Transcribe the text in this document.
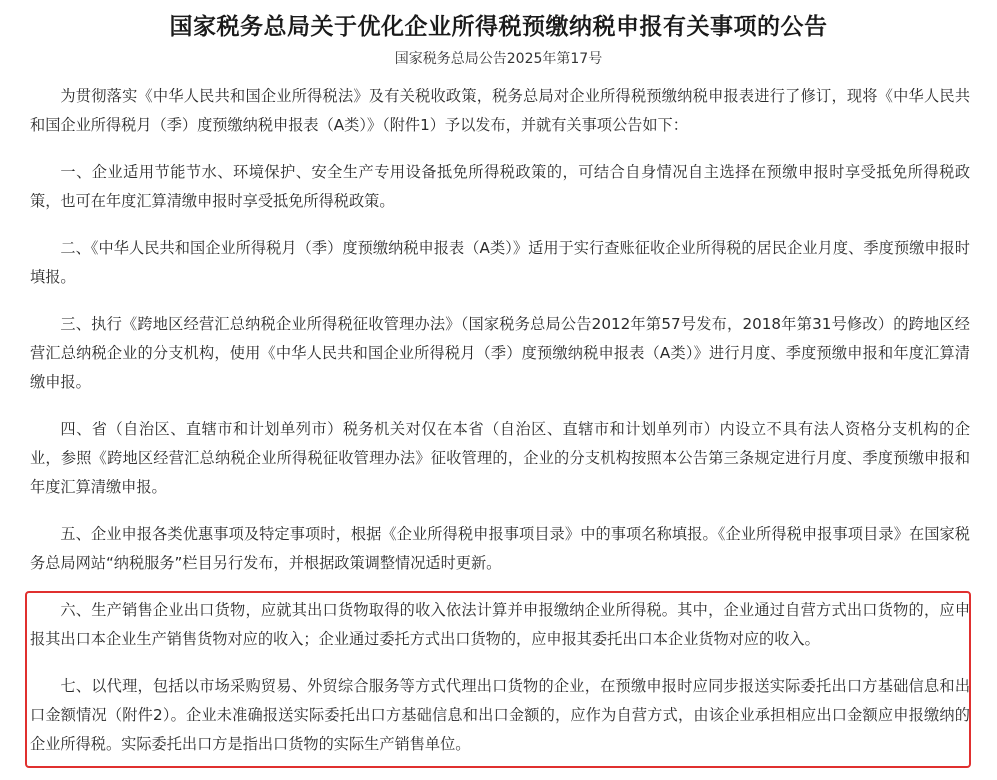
国家税务总局关于优化企业所得税预缴纳税申报有关事项的公告
国家税务总局公告2025年第17号

为贯彻落实《中华人民共和国企业所得税法》及有关税收政策，税务总局对企业所得税预缴纳税申报表进行了修订，现将《中华人民共和国企业所得税月（季）度预缴纳税申报表（A类）》（附件1）予以发布，并就有关事项公告如下：

一、企业适用节能节水、环境保护、安全生产专用设备抵免所得税政策的，可结合自身情况自主选择在预缴申报时享受抵免所得税政策，也可在年度汇算清缴申报时享受抵免所得税政策。

二、《中华人民共和国企业所得税月（季）度预缴纳税申报表（A类）》适用于实行查账征收企业所得税的居民企业月度、季度预缴申报时填报。

三、执行《跨地区经营汇总纳税企业所得税征收管理办法》（国家税务总局公告2012年第57号发布，2018年第31号修改）的跨地区经营汇总纳税企业的分支机构，使用《中华人民共和国企业所得税月（季）度预缴纳税申报表（A类）》进行月度、季度预缴申报和年度汇算清缴申报。

四、省（自治区、直辖市和计划单列市）税务机关对仅在本省（自治区、直辖市和计划单列市）内设立不具有法人资格分支机构的企业，参照《跨地区经营汇总纳税企业所得税征收管理办法》征收管理的，企业的分支机构按照本公告第三条规定进行月度、季度预缴申报和年度汇算清缴申报。

五、企业申报各类优惠事项及特定事项时，根据《企业所得税申报事项目录》中的事项名称填报。《企业所得税申报事项目录》在国家税务总局网站“纳税服务”栏目另行发布，并根据政策调整情况适时更新。

六、生产销售企业出口货物，应就其出口货物取得的收入依法计算并申报缴纳企业所得税。其中，企业通过自营方式出口货物的，应申报其出口本企业生产销售货物对应的收入；企业通过委托方式出口货物的，应申报其委托出口本企业货物对应的收入。

七、以代理，包括以市场采购贸易、外贸综合服务等方式代理出口货物的企业，在预缴申报时应同步报送实际委托出口方基础信息和出口金额情况（附件2）。企业未准确报送实际委托出口方基础信息和出口金额的，应作为自营方式，由该企业承担相应出口金额应申报缴纳的企业所得税。实际委托出口方是指出口货物的实际生产销售单位。
